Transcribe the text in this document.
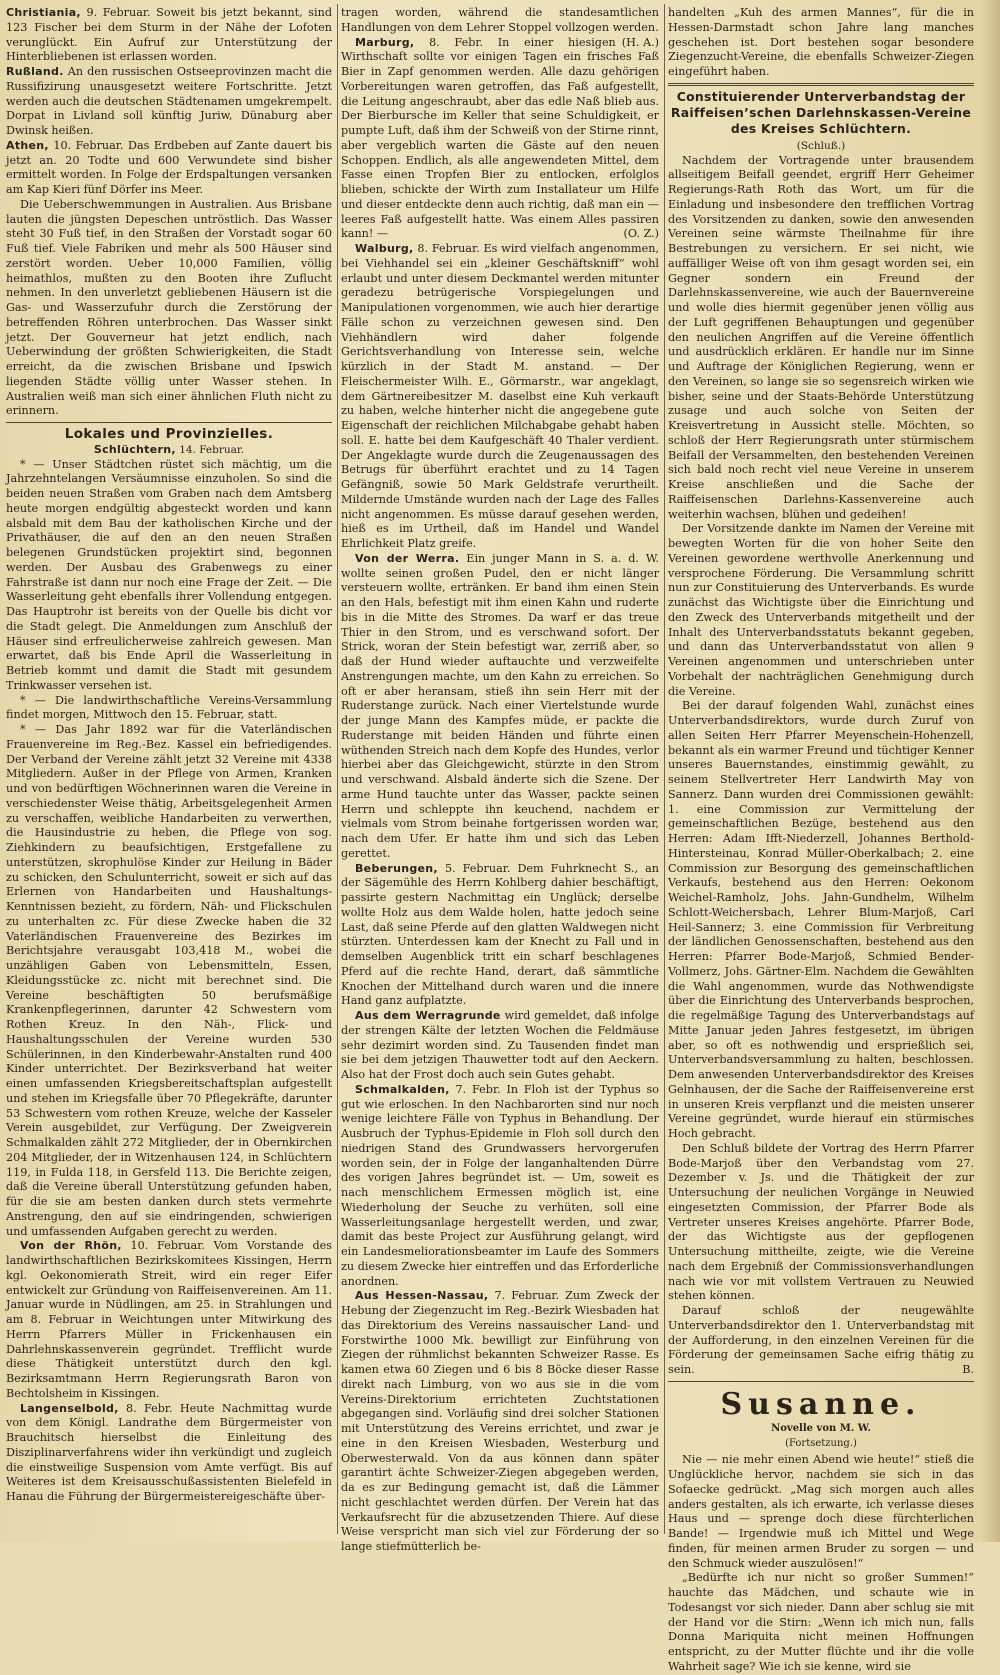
Christiania, 9. Februar. Soweit bis jetzt bekannt, sind 123 Fischer bei dem Sturm in der Nähe der Lofoten verunglückt. Ein Aufruf zur Unterstützung der Hinterbliebenen ist erlassen worden.

Rußland. An den russischen Ostseeprovinzen macht die Russifizirung unausgesetzt weitere Fortschritte. Jetzt werden auch die deutschen Städtenamen umgekrempelt. Dorpat in Livland soll künftig Juriw, Dünaburg aber Dwinsk heißen.

Athen, 10. Februar. Das Erdbeben auf Zante dauert bis jetzt an. 20 Todte und 600 Verwundete sind bisher ermittelt worden. In Folge der Erdspaltungen versanken am Kap Kieri fünf Dörfer ins Meer.

Die Ueberschwemmungen in Australien. Aus Brisbane lauten die jüngsten Depeschen untröstlich. Das Wasser steht 30 Fuß tief, in den Straßen der Vorstadt sogar 60 Fuß tief. Viele Fabriken und mehr als 500 Häuser sind zerstört worden. Ueber 10,000 Familien, völlig heimathlos, mußten zu den Booten ihre Zuflucht nehmen. In den unverletzt gebliebenen Häusern ist die Gas- und Wasserzufuhr durch die Zerstörung der betreffenden Röhren unterbrochen. Das Wasser sinkt jetzt. Der Gouverneur hat jetzt endlich, nach Ueberwindung der größten Schwierigkeiten, die Stadt erreicht, da die zwischen Brisbane und Ipswich liegenden Städte völlig unter Wasser stehen. In Australien weiß man sich einer ähnlichen Fluth nicht zu erinnern.

Lokales und Provinzielles.

Schlüchtern, 14. Februar.

* — Unser Städtchen rüstet sich mächtig, um die Jahrzehntelangen Versäumnisse einzuholen. So sind die beiden neuen Straßen vom Graben nach dem Amtsberg heute morgen endgültig abgesteckt worden und kann alsbald mit dem Bau der katholischen Kirche und der Privathäuser, die auf den an den neuen Straßen belegenen Grundstücken projektirt sind, begonnen werden. Der Ausbau des Grabenwegs zu einer Fahrstraße ist dann nur noch eine Frage der Zeit. — Die Wasserleitung geht ebenfalls ihrer Vollendung entgegen. Das Hauptrohr ist bereits von der Quelle bis dicht vor die Stadt gelegt. Die Anmeldungen zum Anschluß der Häuser sind erfreulicherweise zahlreich gewesen. Man erwartet, daß bis Ende April die Wasserleitung in Betrieb kommt und damit die Stadt mit gesundem Trinkwasser versehen ist.

* — Die landwirthschaftliche Vereins-Versammlung findet morgen, Mittwoch den 15. Februar, statt.

* — Das Jahr 1892 war für die Vaterländischen Frauenvereine im Reg.-Bez. Kassel ein befriedigendes. Der Verband der Vereine zählt jetzt 32 Vereine mit 4338 Mitgliedern. Außer in der Pflege von Armen, Kranken und von bedürftigen Wöchnerinnen waren die Vereine in verschiedenster Weise thätig, Arbeitsgelegenheit Armen zu verschaffen, weibliche Handarbeiten zu verwerthen, die Hausindustrie zu heben, die Pflege von sog. Ziehkindern zu beaufsichtigen, Erstgefallene zu unterstützen, skrophulöse Kinder zur Heilung in Bäder zu schicken, den Schulunterricht, soweit er sich auf das Erlernen von Handarbeiten und Haushaltungs-Kenntnissen bezieht, zu fördern, Näh- und Flickschulen zu unterhalten zc. Für diese Zwecke haben die 32 Vaterländischen Frauenvereine des Bezirkes im Berichtsjahre verausgabt 103,418 M., wobei die unzähligen Gaben von Lebensmitteln, Essen, Kleidungsstücke zc. nicht mit berechnet sind. Die Vereine beschäftigten 50 berufsmäßige Krankenpflegerinnen, darunter 42 Schwestern vom Rothen Kreuz. In den Näh-, Flick- und Haushaltungsschulen der Vereine wurden 530 Schülerinnen, in den Kinderbewahr-Anstalten rund 400 Kinder unterrichtet. Der Bezirksverband hat weiter einen umfassenden Kriegsbereitschaftsplan aufgestellt und stehen im Kriegsfalle über 70 Pflegekräfte, darunter 53 Schwestern vom rothen Kreuze, welche der Kasseler Verein ausgebildet, zur Verfügung. Der Zweigverein Schmalkalden zählt 272 Mitglieder, der in Obernkirchen 204 Mitglieder, der in Witzenhausen 124, in Schlüchtern 119, in Fulda 118, in Gersfeld 113. Die Berichte zeigen, daß die Vereine überall Unterstützung gefunden haben, für die sie am besten danken durch stets vermehrte Anstrengung, den auf sie eindringenden, schwierigen und umfassenden Aufgaben gerecht zu werden.

Von der Rhön, 10. Februar. Vom Vorstande des landwirthschaftlichen Bezirkskomitees Kissingen, Herrn kgl. Oekonomierath Streit, wird ein reger Eifer entwickelt zur Gründung von Raiffeisenvereinen. Am 11. Januar wurde in Nüdlingen, am 25. in Strahlungen und am 8. Februar in Weichtungen unter Mitwirkung des Herrn Pfarrers Müller in Frickenhausen ein Dahrlehnskassenverein gegründet. Trefflicht wurde diese Thätigkeit unterstützt durch den kgl. Bezirksamtmann Herrn Regierungsrath Baron von Bechtolsheim in Kissingen.

Langenselbold, 8. Febr. Heute Nachmittag wurde von dem Königl. Landrathe dem Bürgermeister von Brauchitsch hierselbst die Einleitung des Disziplinarverfahrens wider ihn verkündigt und zugleich die einstweilige Suspension vom Amte verfügt. Bis auf Weiteres ist dem Kreisausschußassistenten Bielefeld in Hanau die Führung der Bürgermeistereigeschäfte über-

tragen worden, während die standesamtlichen Handlungen von dem Lehrer Stoppel vollzogen werden.
(H. A.)

Marburg, 8. Febr. In einer hiesigen Wirthschaft sollte vor einigen Tagen ein frisches Faß Bier in Zapf genommen werden. Alle dazu gehörigen Vorbereitungen waren getroffen, das Faß aufgestellt, die Leitung angeschraubt, aber das edle Naß blieb aus. Der Bierbursche im Keller that seine Schuldigkeit, er pumpte Luft, daß ihm der Schweiß von der Stirne rinnt, aber vergeblich warten die Gäste auf den neuen Schoppen. Endlich, als alle angewendeten Mittel, dem Fasse einen Tropfen Bier zu entlocken, erfolglos blieben, schickte der Wirth zum Installateur um Hilfe und dieser entdeckte denn auch richtig, daß man ein — leeres Faß aufgestellt hatte. Was einem Alles passiren kann! —	(O. Z.)

Walburg, 8. Februar. Es wird vielfach angenommen, bei Viehhandel sei ein „kleiner Geschäftskniff“ wohl erlaubt und unter diesem Deckmantel werden mitunter geradezu betrügerische Vorspiegelungen und Manipulationen vorgenommen, wie auch hier derartige Fälle schon zu verzeichnen gewesen sind. Den Viehhändlern wird daher folgende Gerichtsverhandlung von Interesse sein, welche kürzlich in der Stadt M. anstand. — Der Fleischermeister Wilh. E., Görmarstr., war angeklagt, dem Gärtnereibesitzer M. daselbst eine Kuh verkauft zu haben, welche hinterher nicht die angegebene gute Eigenschaft der reichlichen Milchabgabe gehabt haben soll. E. hatte bei dem Kaufgeschäft 40 Thaler verdient. Der Angeklagte wurde durch die Zeugenaussagen des Betrugs für überführt erachtet und zu 14 Tagen Gefängniß, sowie 50 Mark Geldstrafe verurtheilt. Mildernde Umstände wurden nach der Lage des Falles nicht angenommen. Es müsse darauf gesehen werden, hieß es im Urtheil, daß im Handel und Wandel Ehrlichkeit Platz greife.

Von der Werra. Ein junger Mann in S. a. d. W. wollte seinen großen Pudel, den er nicht länger versteuern wollte, ertränken. Er band ihm einen Stein an den Hals, befestigt mit ihm einen Kahn und ruderte bis in die Mitte des Stromes. Da warf er das treue Thier in den Strom, und es verschwand sofort. Der Strick, woran der Stein befestigt war, zerriß aber, so daß der Hund wieder auftauchte und verzweifelte Anstrengungen machte, um den Kahn zu erreichen. So oft er aber heransam, stieß ihn sein Herr mit der Ruderstange zurück. Nach einer Viertelstunde wurde der junge Mann des Kampfes müde, er packte die Ruderstange mit beiden Händen und führte einen wüthenden Streich nach dem Kopfe des Hundes, verlor hierbei aber das Gleichgewicht, stürzte in den Strom und verschwand. Alsbald änderte sich die Szene. Der arme Hund tauchte unter das Wasser, packte seinen Herrn und schleppte ihn keuchend, nachdem er vielmals vom Strom beinahe fortgerissen worden war, nach dem Ufer. Er hatte ihm und sich das Leben gerettet.

Beberungen, 5. Februar. Dem Fuhrknecht S., an der Sägemühle des Herrn Kohlberg dahier beschäftigt, passirte gestern Nachmittag ein Unglück; derselbe wollte Holz aus dem Walde holen, hatte jedoch seine Last, daß seine Pferde auf den glatten Waldwegen nicht stürzten. Unterdessen kam der Knecht zu Fall und in demselben Augenblick tritt ein scharf beschlagenes Pferd auf die rechte Hand, derart, daß sämmtliche Knochen der Mittelhand durch waren und die innere Hand ganz aufplatzte.

Aus dem Werragrunde wird gemeldet, daß infolge der strengen Kälte der letzten Wochen die Feldmäuse sehr dezimirt worden sind. Zu Tausenden findet man sie bei dem jetzigen Thauwetter todt auf den Aeckern. Also hat der Frost doch auch sein Gutes gehabt.

Schmalkalden, 7. Febr. In Floh ist der Typhus so gut wie erloschen. In den Nachbarorten sind nur noch wenige leichtere Fälle von Typhus in Behandlung. Der Ausbruch der Typhus-Epidemie in Floh soll durch den niedrigen Stand des Grundwassers hervorgerufen worden sein, der in Folge der langanhaltenden Dürre des vorigen Jahres begründet ist. — Um, soweit es nach menschlichem Ermessen möglich ist, eine Wiederholung der Seuche zu verhüten, soll eine Wasserleitungsanlage hergestellt werden, und zwar, damit das beste Project zur Ausführung gelangt, wird ein Landesmeliorationsbeamter im Laufe des Sommers zu diesem Zwecke hier eintreffen und das Erforderliche anordnen.

Aus Hessen-Nassau, 7. Februar. Zum Zweck der Hebung der Ziegenzucht im Reg.-Bezirk Wiesbaden hat das Direktorium des Vereins nassauischer Land- und Forstwirthe 1000 Mk. bewilligt zur Einführung von Ziegen der rühmlichst bekannten Schweizer Rasse. Es kamen etwa 60 Ziegen und 6 bis 8 Böcke dieser Rasse direkt nach Limburg, von wo aus sie in die vom Vereins-Direktorium errichteten Zuchtstationen abgegangen sind. Vorläufig sind drei solcher Stationen mit Unterstützung des Vereins errichtet, und zwar je eine in den Kreisen Wiesbaden, Westerburg und Oberwesterwald. Von da aus können dann später garantirt ächte Schweizer-Ziegen abgegeben werden, da es zur Bedingung gemacht ist, daß die Lämmer nicht geschlachtet werden dürfen. Der Verein hat das Verkaufsrecht für die abzusetzenden Thiere. Auf diese Weise verspricht man sich viel zur Förderung der so lange stiefmütterlich be-

handelten „Kuh des armen Mannes“, für die in Hessen-Darmstadt schon Jahre lang manches geschehen ist. Dort bestehen sogar besondere Ziegenzucht-Vereine, die ebenfalls Schweizer-Ziegen eingeführt haben.

Constituierender Unterverbandstag der Raiffeisen’schen Darlehnskassen-Vereine des Kreises Schlüchtern.

(Schluß.)

Nachdem der Vortragende unter brausendem allseitigem Beifall geendet, ergriff Herr Geheimer Regierungs-Rath Roth das Wort, um für die Einladung und insbesondere den trefflichen Vortrag des Vorsitzenden zu danken, sowie den anwesenden Vereinen seine wärmste Theilnahme für ihre Bestrebungen zu versichern. Er sei nicht, wie auffälliger Weise oft von ihm gesagt worden sei, ein Gegner sondern ein Freund der Darlehnskassenvereine, wie auch der Bauernvereine und wolle dies hiermit gegenüber jenen völlig aus der Luft gegriffenen Behauptungen und gegenüber den neulichen Angriffen auf die Vereine öffentlich und ausdrücklich erklären. Er handle nur im Sinne und Auftrage der Königlichen Regierung, wenn er den Vereinen, so lange sie so segensreich wirken wie bisher, seine und der Staats-Behörde Unterstützung zusage und auch solche von Seiten der Kreisvertretung in Aussicht stelle. Möchten, so schloß der Herr Regierungsrath unter stürmischem Beifall der Versammelten, den bestehenden Vereinen sich bald noch recht viel neue Vereine in unserem Kreise anschließen und die Sache der Raiffeisenschen Darlehns-Kassenvereine auch weiterhin wachsen, blühen und gedeihen!

Der Vorsitzende dankte im Namen der Vereine mit bewegten Worten für die von hoher Seite den Vereinen gewordene werthvolle Anerkennung und versprochene Förderung. Die Versammlung schritt nun zur Constituierung des Unterverbands. Es wurde zunächst das Wichtigste über die Einrichtung und den Zweck des Unterverbands mitgetheilt und der Inhalt des Unterverbandsstatuts bekannt gegeben, und dann das Unterverbandsstatut von allen 9 Vereinen angenommen und unterschrieben unter Vorbehalt der nachträglichen Genehmigung durch die Vereine.

Bei der darauf folgenden Wahl, zunächst eines Unterverbandsdirektors, wurde durch Zuruf von allen Seiten Herr Pfarrer Meyenschein-Hohenzell, bekannt als ein warmer Freund und tüchtiger Kenner unseres Bauernstandes, einstimmig gewählt, zu seinem Stellvertreter Herr Landwirth May von Sannerz. Dann wurden drei Commissionen gewählt: 1. eine Commission zur Vermittelung der gemeinschaftlichen Bezüge, bestehend aus den Herren: Adam Ifft-Niederzell, Johannes Berthold-Hintersteinau, Konrad Müller-Oberkalbach; 2. eine Commission zur Besorgung des gemeinschaftlichen Verkaufs, bestehend aus den Herren: Oekonom Weichel-Ramholz, Johs. Jahn-Gundhelm, Wilhelm Schlott-Weichersbach, Lehrer Blum-Marjoß, Carl Heil-Sannerz; 3. eine Commission für Verbreitung der ländlichen Genossenschaften, bestehend aus den Herren: Pfarrer Bode-Marjoß, Schmied Bender-Vollmerz, Johs. Gärtner-Elm. Nachdem die Gewählten die Wahl angenommen, wurde das Nothwendigste über die Einrichtung des Unterverbands besprochen, die regelmäßige Tagung des Unterverbandstags auf Mitte Januar jeden Jahres festgesetzt, im übrigen aber, so oft es nothwendig und ersprießlich sei, Unterverbandsversammlung zu halten, beschlossen. Dem anwesenden Unterverbandsdirektor des Kreises Gelnhausen, der die Sache der Raiffeisenvereine erst in unseren Kreis verpflanzt und die meisten unserer Vereine gegründet, wurde hierauf ein stürmisches Hoch gebracht.

Den Schluß bildete der Vortrag des Herrn Pfarrer Bode-Marjoß über den Verbandstag vom 27. Dezember v. Js. und die Thätigkeit der zur Untersuchung der neulichen Vorgänge in Neuwied eingesetzten Commission, der Pfarrer Bode als Vertreter unseres Kreises angehörte. Pfarrer Bode, der das Wichtigste aus der gepflogenen Untersuchung mittheilte, zeigte, wie die Vereine nach dem Ergebniß der Commissionsverhandlungen nach wie vor mit vollstem Vertrauen zu Neuwied stehen können.

Darauf schloß der neugewählte Unterverbandsdirektor den 1. Unterverbandstag mit der Aufforderung, in den einzelnen Vereinen für die Förderung der gemeinsamen Sache eifrig thätig zu sein.	B.

Susanne.

Novelle von M. W.

(Fortsetzung.)

Nie — nie mehr einen Abend wie heute!“ stieß die Unglückliche hervor, nachdem sie sich in das Sofaecke gedrückt. „Mag sich morgen auch alles anders gestalten, als ich erwarte, ich verlasse dieses Haus und — sprenge doch diese fürchterlichen Bande! — Irgendwie muß ich Mittel und Wege finden, für meinen armen Bruder zu sorgen — und den Schmuck wieder auszulösen!“

„Bedürfte ich nur nicht so großer Summen!“ hauchte das Mädchen, und schaute wie in Todesangst vor sich nieder. Dann aber schlug sie mit der Hand vor die Stirn: „Wenn ich mich nun, falls Donna Mariquita nicht meinen Hoffnungen entspricht, zu der Mutter flüchte und ihr die volle Wahrheit sage? Wie ich sie kenne, wird sie
